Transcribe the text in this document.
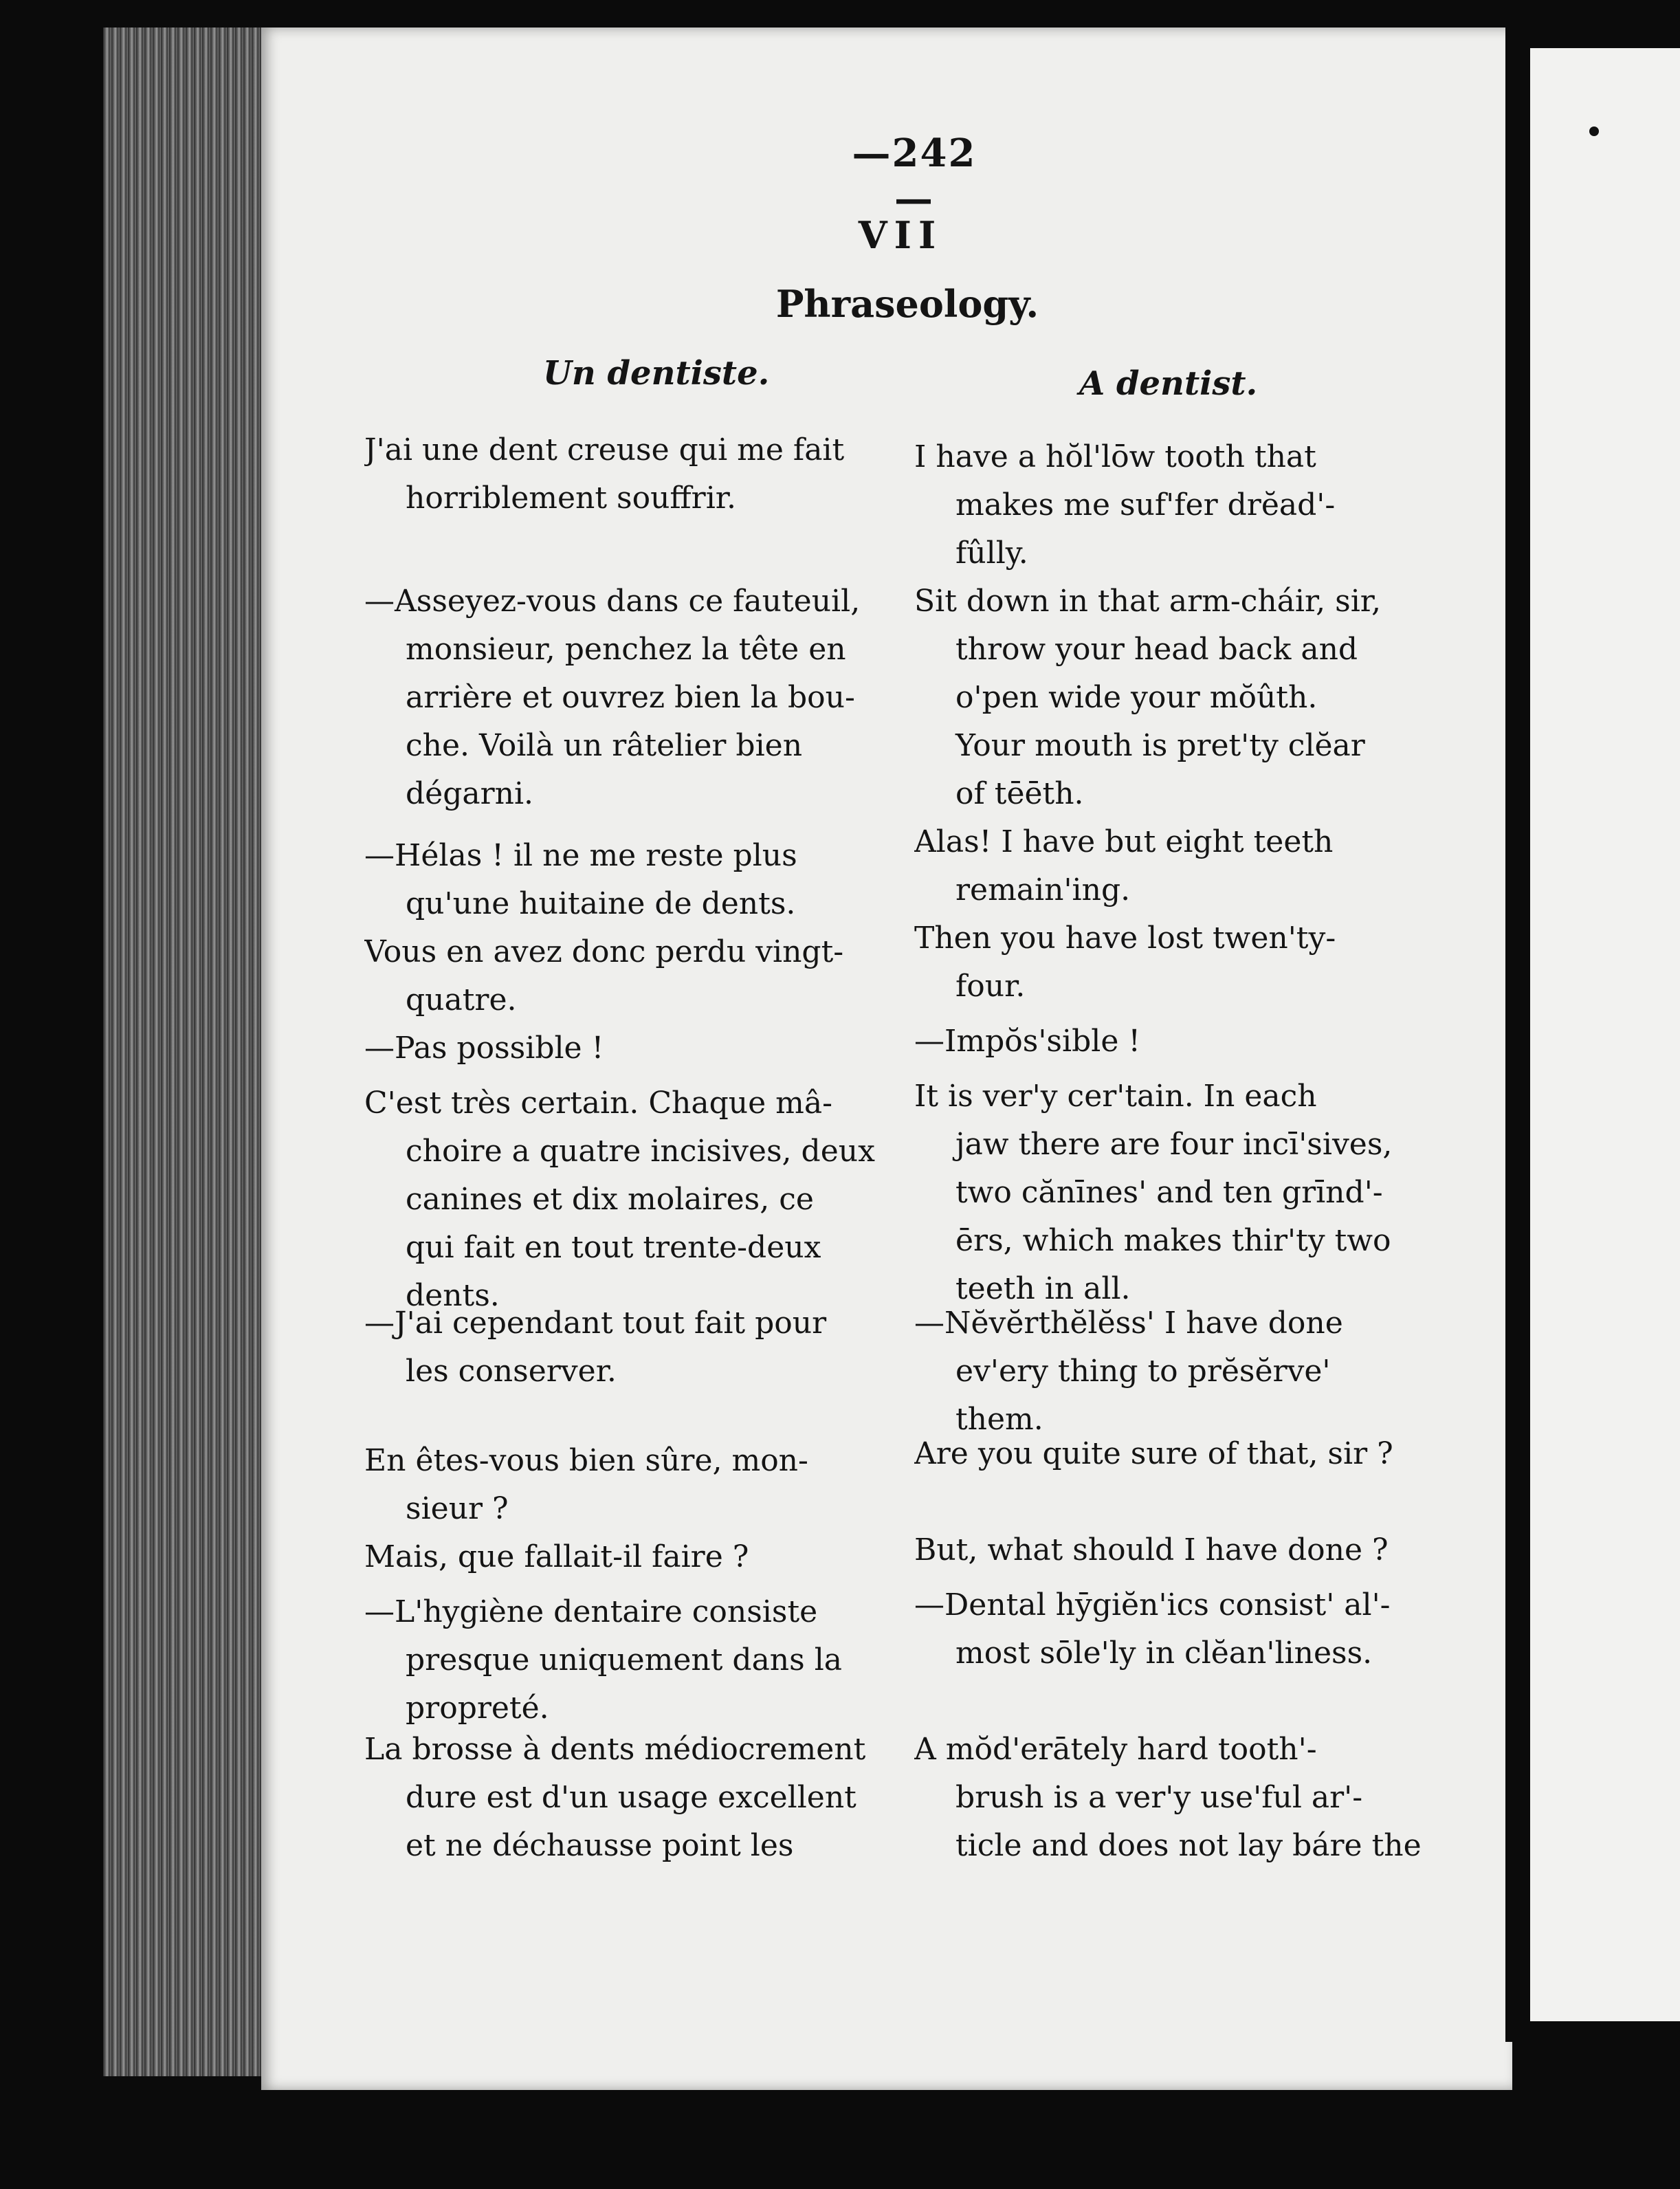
—242—
VII
Phraseology.
Un dentiste.	A dentist.
J'ai une dent creuse qui me fait
horriblement souffrir.
—Asseyez-vous dans ce fauteuil,
monsieur, penchez la tête en
arrière et ouvrez bien la bou-
che. Voilà un râtelier bien
dégarni.
—Hélas ! il ne me reste plus
qu'une huitaine de dents.
Vous en avez donc perdu vingt-
quatre.
—Pas possible !
C'est très certain. Chaque mâ-
choire a quatre incisives, deux
canines et dix molaires, ce
qui fait en tout trente-deux
dents.
—J'ai cependant tout fait pour
les conserver.
En êtes-vous bien sûre, mon-
sieur ?
Mais, que fallait-il faire ?
—L'hygiène dentaire consiste
presque uniquement dans la
propreté.
La brosse à dents médiocrement
dure est d'un usage excellent
et ne déchausse point les
I have a hŏl'lōw tooth that
makes me suf'fer drĕad'-
fûlly.
Sit down in that arm-cháir, sir,
throw your head back and
o'pen wide your mŏûth.
Your mouth is pret'ty clĕar
of tēēth.
Alas! I have but eight teeth
remain'ing.
Then you have lost twen'ty-
four.
—Impŏs'sible !
It is ver'y cer'tain. In each
jaw there are four incī'sives,
two cănīnes' and ten grīnd'-
ērs, which makes thir'ty two
teeth in all.
—Nĕvĕrthĕlĕss' I have done
ev'ery thing to prĕsĕrve'
them.
Are you quite sure of that, sir ?
But, what should I have done ?
—Dental hȳgiĕn'ics consist' al'-
most sōle'ly in clĕan'liness.
A mŏd'erātely hard tooth'-
brush is a ver'y use'ful ar'-
ticle and does not lay báre the
